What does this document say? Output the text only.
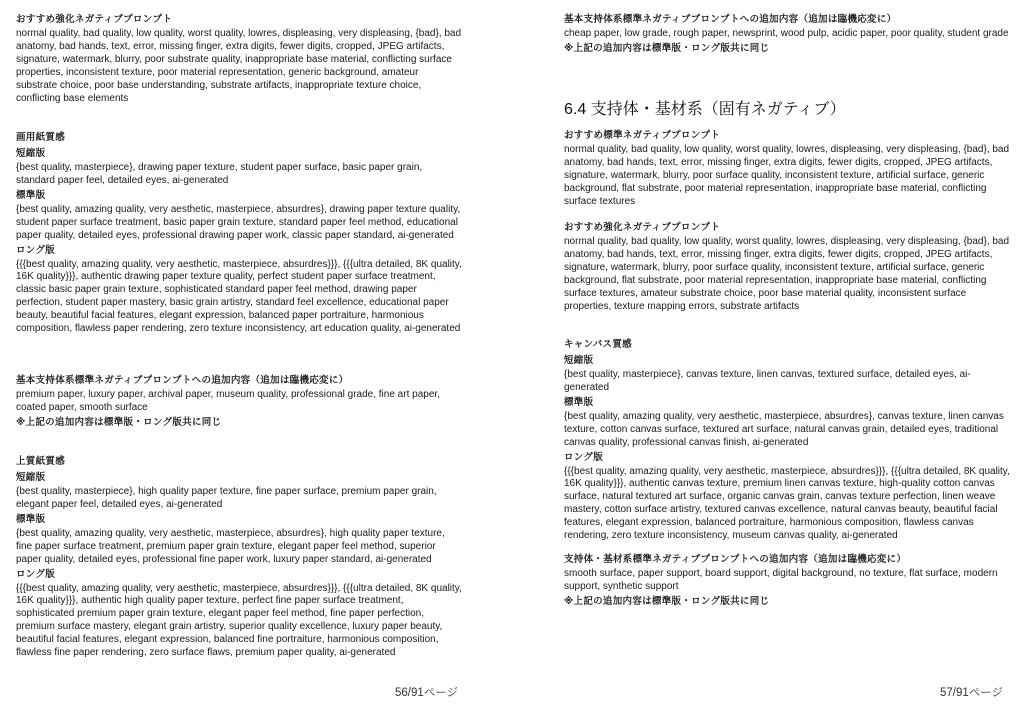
おすすめ強化ネガティブプロンプト
normal quality, bad quality, low quality, worst quality, lowres, displeasing, very displeasing, {bad}, bad anatomy, bad hands, text, error, missing finger, extra digits, fewer digits, cropped, JPEG artifacts, signature, watermark, blurry, poor substrate quality, inappropriate base material, conflicting surface properties, inconsistent texture, poor material representation, generic background, amateur substrate choice, poor base understanding, substrate artifacts, inappropriate texture choice, conflicting base elements
画用紙質感
短縮版
{best quality, masterpiece}, drawing paper texture, student paper surface, basic paper grain, standard paper feel, detailed eyes, ai-generated
標準版
{best quality, amazing quality, very aesthetic, masterpiece, absurdres}, drawing paper texture quality, student paper surface treatment, basic paper grain texture, standard paper feel method, educational paper quality, detailed eyes, professional drawing paper work, classic paper standard, ai-generated
ロング版
{{{best quality, amazing quality, very aesthetic, masterpiece, absurdres}}}, {{{ultra detailed, 8K quality, 16K quality}}}, authentic drawing paper texture quality, perfect student paper surface treatment, classic basic paper grain texture, sophisticated standard paper feel method, drawing paper perfection, student paper mastery, basic grain artistry, standard feel excellence, educational paper beauty, beautiful facial features, elegant expression, balanced paper portraiture, harmonious composition, flawless paper rendering, zero texture inconsistency, art education quality, ai-generated
基本支持体系標準ネガティブプロンプトへの追加内容（追加は臨機応変に）
premium paper, luxury paper, archival paper, museum quality, professional grade, fine art paper, coated paper, smooth surface
※上記の追加内容は標準版・ロング版共に同じ
上質紙質感
短縮版
{best quality, masterpiece}, high quality paper texture, fine paper surface, premium paper grain, elegant paper feel, detailed eyes, ai-generated
標準版
{best quality, amazing quality, very aesthetic, masterpiece, absurdres}, high quality paper texture, fine paper surface treatment, premium paper grain texture, elegant paper feel method, superior paper quality, detailed eyes, professional fine paper work, luxury paper standard, ai-generated
ロング版
{{{best quality, amazing quality, very aesthetic, masterpiece, absurdres}}}, {{{ultra detailed, 8K quality, 16K quality}}}, authentic high quality paper texture, perfect fine paper surface treatment, sophisticated premium paper grain texture, elegant paper feel method, fine paper perfection, premium surface mastery, elegant grain artistry, superior quality excellence, luxury paper beauty, beautiful facial features, elegant expression, balanced fine portraiture, harmonious composition, flawless fine paper rendering, zero surface flaws, premium paper quality, ai-generated
56/91ページ
基本支持体系標準ネガティブプロンプトへの追加内容（追加は臨機応変に）
cheap paper, low grade, rough paper, newsprint, wood pulp, acidic paper, poor quality, student grade
※上記の追加内容は標準版・ロング版共に同じ
6.4 支持体・基材系（固有ネガティブ）
おすすめ標準ネガティブプロンプト
normal quality, bad quality, low quality, worst quality, lowres, displeasing, very displeasing, {bad}, bad anatomy, bad hands, text, error, missing finger, extra digits, fewer digits, cropped, JPEG artifacts, signature, watermark, blurry, poor surface quality, inconsistent texture, artificial surface, generic background, flat substrate, poor material representation, inappropriate base material, conflicting surface textures
おすすめ強化ネガティブプロンプト
normal quality, bad quality, low quality, worst quality, lowres, displeasing, very displeasing, {bad}, bad anatomy, bad hands, text, error, missing finger, extra digits, fewer digits, cropped, JPEG artifacts, signature, watermark, blurry, poor surface quality, inconsistent texture, artificial surface, generic background, flat substrate, poor material representation, inappropriate base material, conflicting surface textures, amateur substrate choice, poor base material quality, inconsistent surface properties, texture mapping errors, substrate artifacts
キャンバス質感
短縮版
{best quality, masterpiece}, canvas texture, linen canvas, textured surface, detailed eyes, ai-generated
標準版
{best quality, amazing quality, very aesthetic, masterpiece, absurdres}, canvas texture, linen canvas texture, cotton canvas surface, textured art surface, natural canvas grain, detailed eyes, traditional canvas quality, professional canvas finish, ai-generated
ロング版
{{{best quality, amazing quality, very aesthetic, masterpiece, absurdres}}}, {{{ultra detailed, 8K quality, 16K quality}}}, authentic canvas texture, premium linen canvas texture, high-quality cotton canvas surface, natural textured art surface, organic canvas grain, canvas texture perfection, linen weave mastery, cotton surface artistry, textured canvas excellence, natural canvas beauty, beautiful facial features, elegant expression, balanced portraiture, harmonious composition, flawless canvas rendering, zero texture inconsistency, museum canvas quality, ai-generated
支持体・基材系標準ネガティブプロンプトへの追加内容（追加は臨機応変に）
smooth surface, paper support, board support, digital background, no texture, flat surface, modern support, synthetic support
※上記の追加内容は標準版・ロング版共に同じ
57/91ページ
